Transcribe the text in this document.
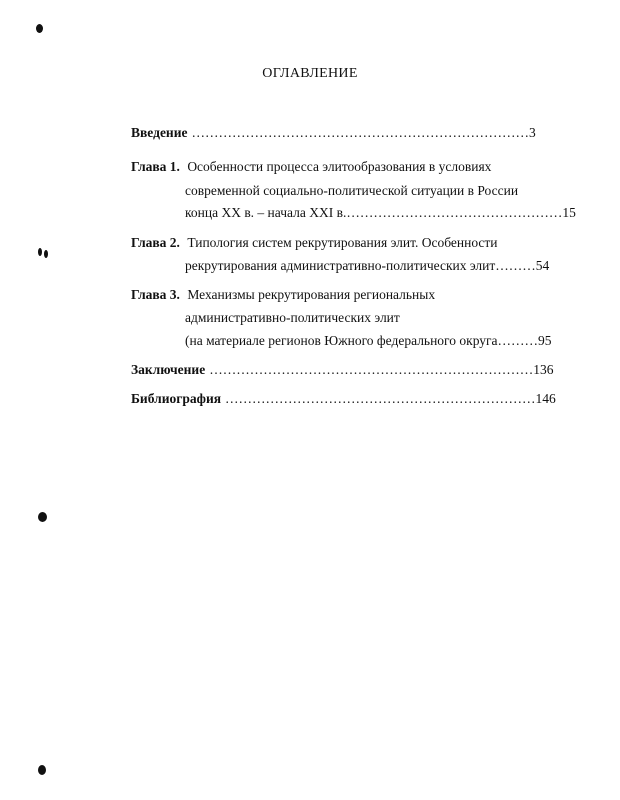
ОГЛАВЛЕНИЕ
Введение …………………………………………………………………3
Глава 1. Особенности процесса элитообразования в условиях
современной социально-политической ситуации в России
конца XX в. – начала XXI в.…………………………………………15
Глава 2. Типология систем рекрутирования элит. Особенности
рекрутирования административно-политических элит………54
Глава 3. Механизмы рекрутирования региональных
административно-политических элит
(на материале регионов Южного федерального округа………95
Заключение ………………………………………………………………136
Библиография ……………………………………………………………146
